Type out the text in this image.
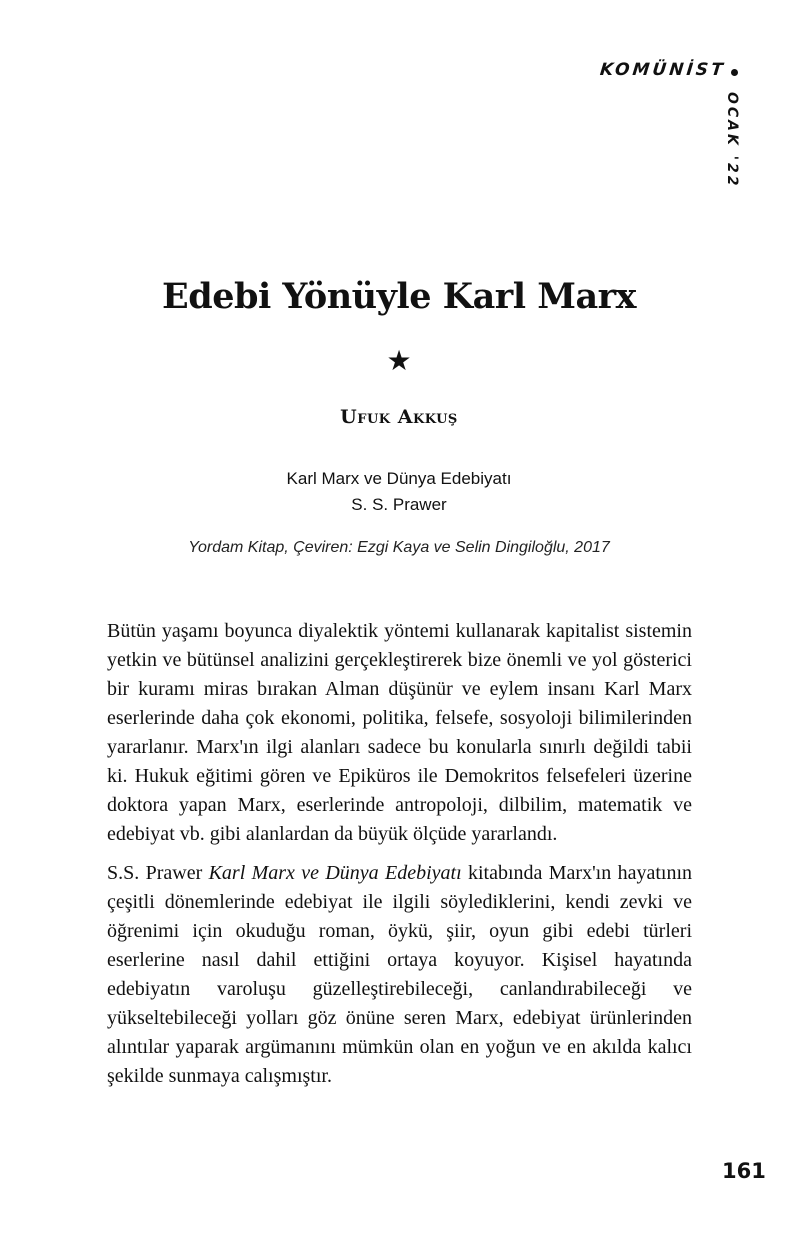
KOMÜNİST
OCAK '22
Edebi Yönüyle Karl Marx
★
Ufuk Akkuş
Karl Marx ve Dünya Edebiyatı
S. S. Prawer
Yordam Kitap, Çeviren: Ezgi Kaya ve Selin Dingiloğlu, 2017

Bütün yaşamı boyunca diyalektik yöntemi kullanarak kapitalist sistemin yetkin ve bütünsel analizini gerçekleştirerek bize önemli ve yol gösterici bir kuramı miras bırakan Alman düşünür ve eylem insanı Karl Marx eserlerinde daha çok ekonomi, politika, felsefe, sosyoloji bilimilerinden yararlanır. Marx'ın ilgi alanları sadece bu konularla sınırlı değildi tabii ki. Hukuk eğitimi gören ve Epiküros ile Demokritos felsefeleri üzerine doktora yapan Marx, eserlerinde antropoloji, dilbilim, matematik ve edebiyat vb. gibi alanlardan da büyük ölçüde yararlandı.

S.S. Prawer Karl Marx ve Dünya Edebiyatı kitabında Marx'ın hayatının çeşitli dönemlerinde edebiyat ile ilgili söylediklerini, kendi zevki ve öğrenimi için okuduğu roman, öykü, şiir, oyun gibi edebi türleri eserlerine nasıl dahil ettiğini ortaya koyuyor. Kişisel hayatında edebiyatın varoluşu güzelleştirebileceği, canlandırabileceği ve yükseltebileceği yolları göz önüne seren Marx, edebiyat ürünlerinden alıntılar yaparak argümanını mümkün olan en yoğun ve en akılda kalıcı şekilde sunmaya calışmıştır.

161
